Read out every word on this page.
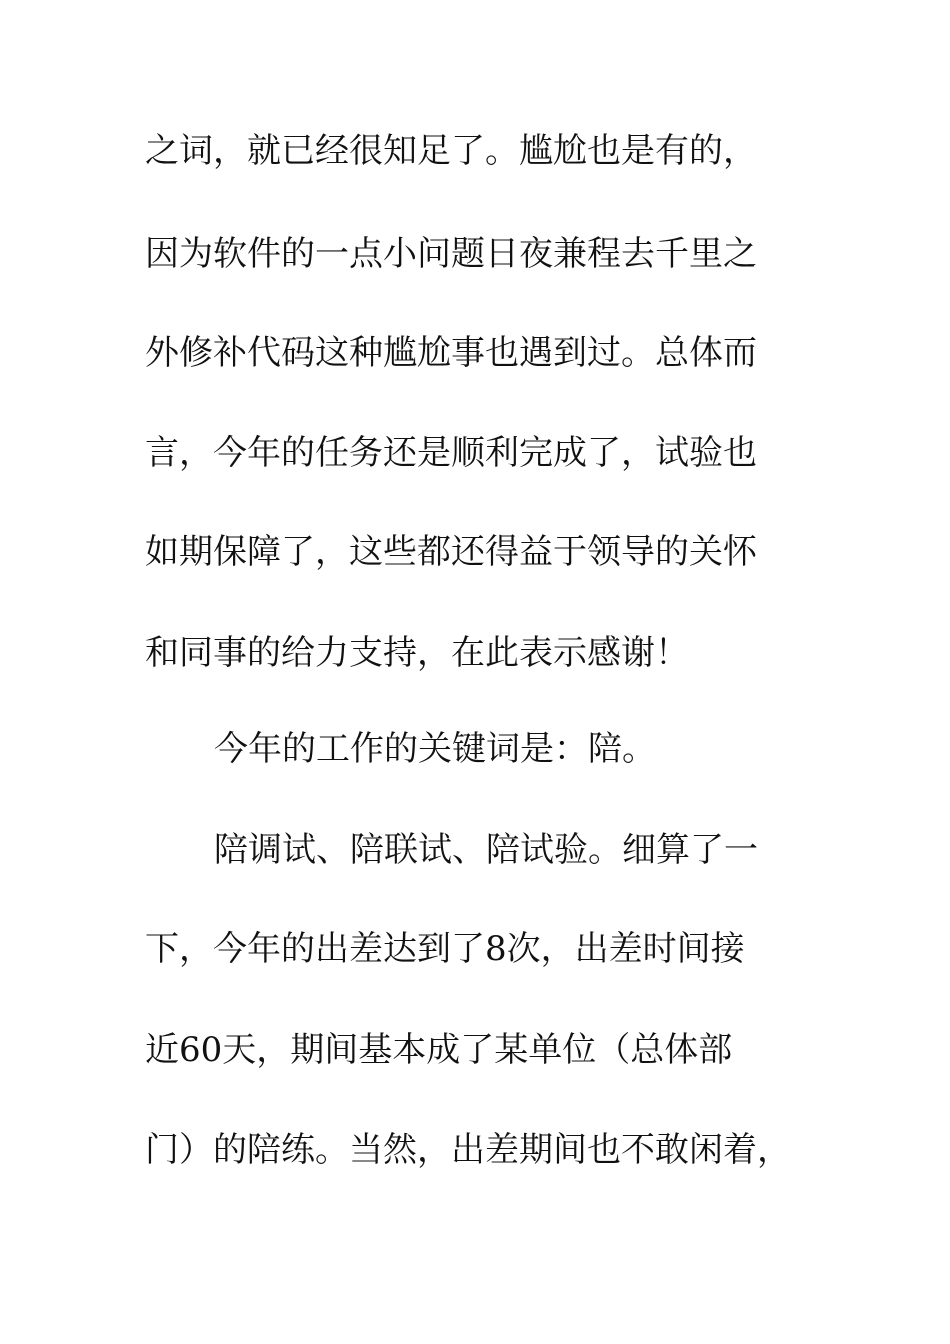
之词，就已经很知足了。尴尬也是有的，
因为软件的一点小问题日夜兼程去千里之
外修补代码这种尴尬事也遇到过。总体而
言，今年的任务还是顺利完成了，试验也
如期保障了，这些都还得益于领导的关怀
和同事的给力支持，在此表示感谢！
今年的工作的关键词是：陪。
陪调试、陪联试、陪试验。细算了一
下，今年的出差达到了8次，出差时间接
近60天，期间基本成了某单位（总体部
门）的陪练。当然，出差期间也不敢闲着，
